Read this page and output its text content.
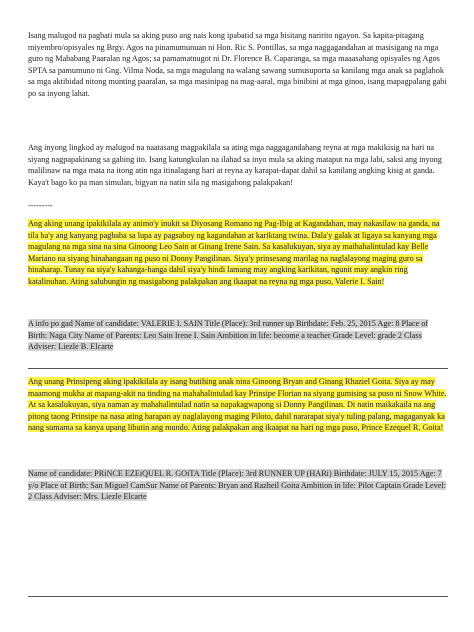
Isang malugod na pagbati mula sa aking puso ang nais kong ipabatid sa mga bisitang naririto ngayon. Sa kapita-pitagang miyembro/opisyales ng Brgy. Agos na pinamumunuan ni Hon. Ric S. Pontillas, sa mga naggagandahan at masisigang na mga guro ng Mababang Paaralan ng Agos; sa pamamatnugot ni Dr. Florence B. Caparanga, sa mga maaasahang opisyales ng Agos SPTA sa pamumuno ni Gng. Vilma Noda, sa mga magulang na walang sawang sumusuporta sa kanilang mga anak sa paglahok sa mga aktibidad nitong munting paaralan, sa mga masinipag na mag-aaral, mga binibini at mga ginoo, isang mapagpalang gabi po sa inyong lahat.

Ang inyong lingkod ay malugod na naatasang magpakilala sa ating mga naggagandahang reyna at mga makikisig na hari na siyang nagpapakinang sa gabing ito. Isang katungkulan na ilahad sa inyo mula sa aking mataput na mga labi, saksi ang inyong malilinaw na mga mata na itong atin nga itinalagang hari at reyna ay karapat-dapat dahil sa kanilang angking kisig at ganda. Kaya't bago ko pa man simulan, bigyan na natin sila ng masigabong palakpakan!

---------

Ang aking unang ipakikilala ay animo'y inukit sa Diyosang Romano ng Pag-Ibig at Kagandahan, may nakasilaw na ganda, na tila ba'y ang kanyang pagbaba sa lupa ay pagsaboy ng kagandahan at kariktang twina. Dala'y galak at ligaya sa kanyang mga magulang na mga sina na sina Ginoong Leo Sain at Ginang Irene Sain. Sa kasalukuyan, siya ay maihahalintulad kay Belle Mariano na siyang hinahangaan ng puso ni Donny Pangilinan. Siya'y prinsesang marilag na naglalayong maging guro sa hinaharap. Tunay na siya'y kahanga-hanga dahil siya'y hindi lamang may angking karikitan, ngunit may angkin ring katalinuhan. Ating salubungin ng masigabong palakpakan ang ikaapat na reyna ng mga puso, Valerie I. Sain!

A info po gad Name of candidate: VALERIE I. SAIN Title (Place): 3rd runner up Birthdate: Feb. 25, 2015 Age: 8 Place of Birth: Naga City Name of Parents: Leo Sain Irene I. Sain Ambition in life: become a teacher Grade Level: grade 2 Class Adviser: Liezle B. Elcarte

Ang unang Prinsipeng aking ipakikilala ay isang butihing anak nina Ginoong Bryan and Ginang Rhaziel Goita. Siya ay may maamong mukha at mapang-akit na tinding na mahahalintulad kay Prinsipe Florian na siyang gumising sa puso ni Snow White. At sa kasalukuyan, siya naman ay mahahalintulad natin sa napakagwapong si Donny Pangilinan. Di natin maikakaila na ang pitong taong Prinsipe na nasa ating harapan ay naglalayong maging Piloto, dahil nararapat siya'y tuling palang, magaganyak ka nang sumama sa kanya upang libutin ang mundo. Ating palakpakan ang ikaapat na hari ng mga puso, Prince Ezequel R. Goita!

Name of candidate: PRiNCE EZEiQUEL R. GOiTA Title (Place): 3rd RUNNER UP (HARi) Birthdate: JULY 15, 2015 Age: 7 y/o Place of Birth: San Miguel CamSur Name of Parents: Bryan and Razheil Goita Ambition in life: Pilot Captain Grade Level: 2 Class Adviser: Mrs. Liezle Elcarte
